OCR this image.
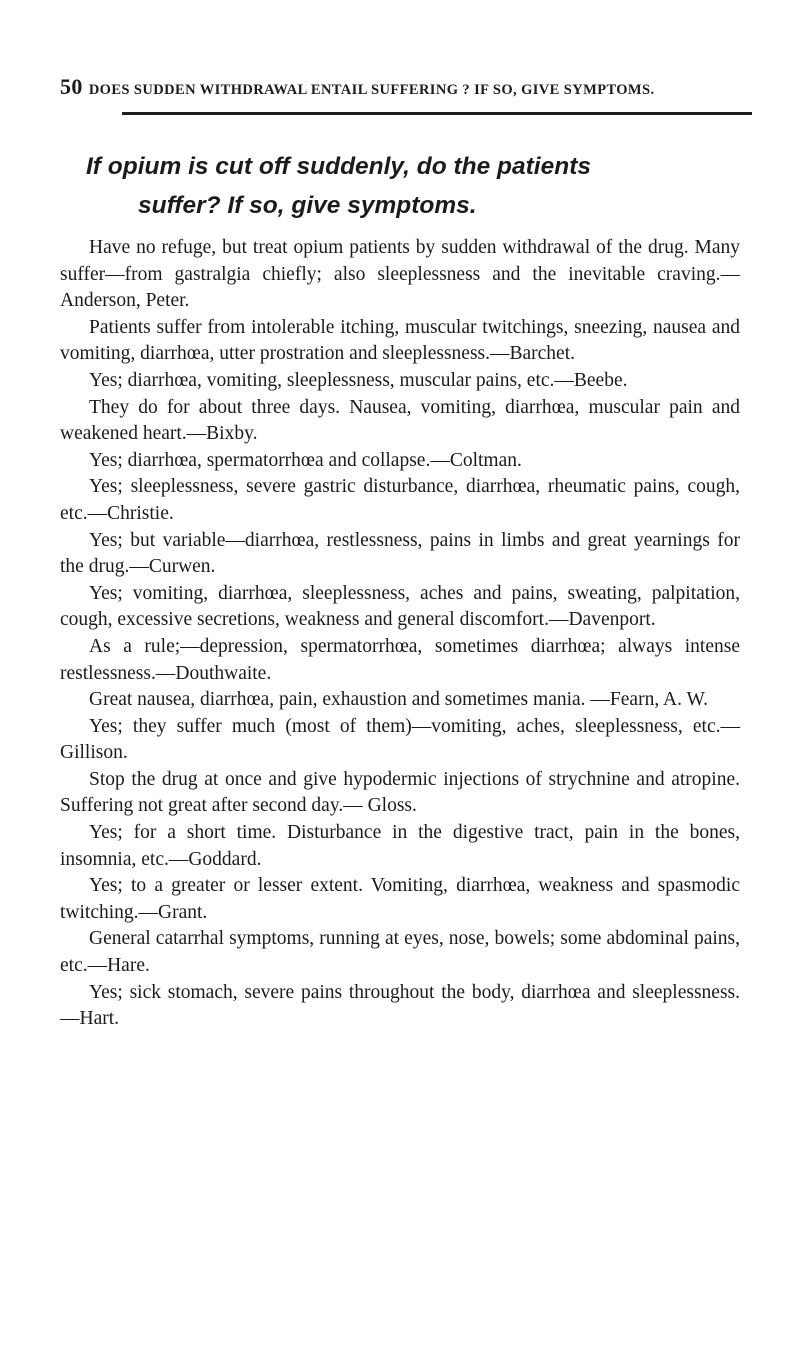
50 DOES SUDDEN WITHDRAWAL ENTAIL SUFFERING ? IF SO, GIVE SYMPTOMS.
If opium is cut off suddenly, do the patients
suffer? If so, give symptoms.

Have no refuge, but treat opium patients by sudden withdrawal of the drug. Many suffer—from gastralgia chiefly; also sleeplessness and the inevitable craving.—Anderson, Peter.

Patients suffer from intolerable itching, muscular twitchings, sneezing, nausea and vomiting, diarrhœa, utter prostration and sleeplessness.—Barchet.

Yes; diarrhœa, vomiting, sleeplessness, muscular pains, etc.—Beebe.

They do for about three days. Nausea, vomiting, diarrhœa, muscular pain and weakened heart.—Bixby.

Yes; diarrhœa, spermatorrhœa and collapse.—Coltman.

Yes; sleeplessness, severe gastric disturbance, diarrhœa, rheumatic pains, cough, etc.—Christie.

Yes; but variable—diarrhœa, restlessness, pains in limbs and great yearnings for the drug.—Curwen.

Yes; vomiting, diarrhœa, sleeplessness, aches and pains, sweating, palpitation, cough, excessive secretions, weakness and general discomfort.—Davenport.

As a rule;—depression, spermatorrhœa, sometimes diarrhœa; always intense restlessness.—Douthwaite.

Great nausea, diarrhœa, pain, exhaustion and sometimes mania. —Fearn, A. W.

Yes; they suffer much (most of them)—vomiting, aches, sleeplessness, etc.—Gillison.

Stop the drug at once and give hypodermic injections of strychnine and atropine. Suffering not great after second day.— Gloss.

Yes; for a short time. Disturbance in the digestive tract, pain in the bones, insomnia, etc.—Goddard.

Yes; to a greater or lesser extent. Vomiting, diarrhœa, weakness and spasmodic twitching.—Grant.

General catarrhal symptoms, running at eyes, nose, bowels; some abdominal pains, etc.—Hare.

Yes; sick stomach, severe pains throughout the body, diarrhœa and sleeplessness.—Hart.
